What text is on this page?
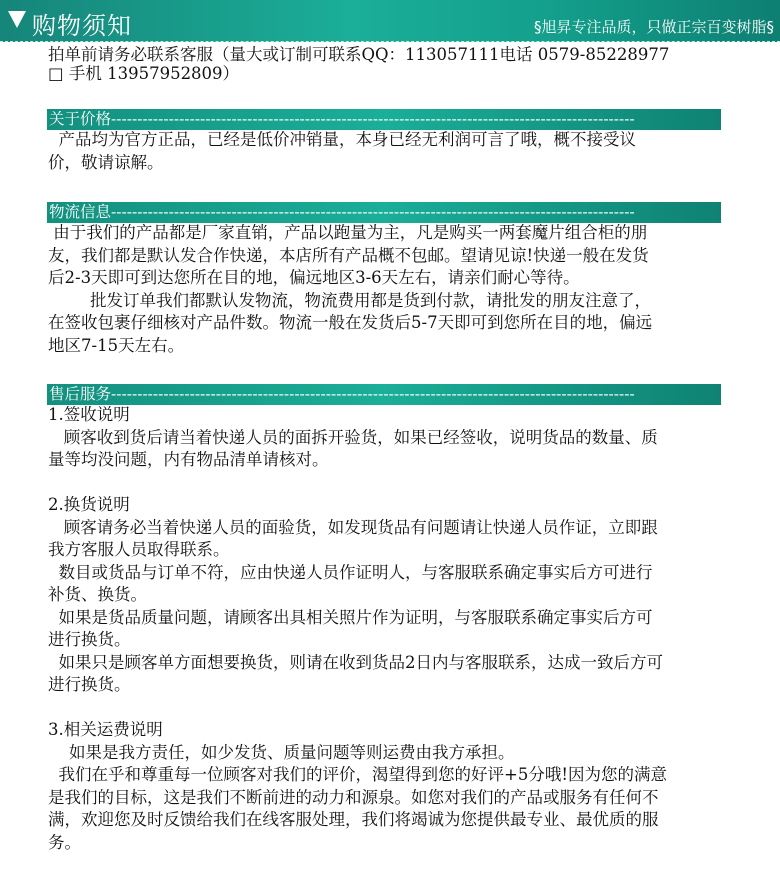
购物须知	§旭昇专注品质，只做正宗百变树脂§
拍单前请务必联系客服（量大或订制可联系QQ：113057111电话 0579-85228977
□ 手机 13957952809）
关于价格----------------------------------------------------------------------------------------------------
产品均为官方正品，已经是低价冲销量，本身已经无利润可言了哦，概不接受议
价，敬请谅解。
物流信息----------------------------------------------------------------------------------------------------
由于我们的产品都是厂家直销，产品以跑量为主，凡是购买一两套魔片组合柜的朋
友，我们都是默认发合作快递，本店所有产品概不包邮。望请见谅!快递一般在发货
后2-3天即可到达您所在目的地，偏远地区3-6天左右，请亲们耐心等待。
批发订单我们都默认发物流，物流费用都是货到付款，请批发的朋友注意了，
在签收包裹仔细核对产品件数。物流一般在发货后5-7天即可到您所在目的地，偏远
地区7-15天左右。
售后服务----------------------------------------------------------------------------------------------------
1.签收说明
顾客收到货后请当着快递人员的面拆开验货，如果已经签收，说明货品的数量、质
量等均没问题，内有物品清单请核对。
2.换货说明
顾客请务必当着快递人员的面验货，如发现货品有问题请让快递人员作证，立即跟
我方客服人员取得联系。
数目或货品与订单不符，应由快递人员作证明人，与客服联系确定事实后方可进行
补货、换货。
如果是货品质量问题，请顾客出具相关照片作为证明，与客服联系确定事实后方可
进行换货。
如果只是顾客单方面想要换货，则请在收到货品2日内与客服联系，达成一致后方可
进行换货。
3.相关运费说明
如果是我方责任，如少发货、质量问题等则运费由我方承担。
我们在乎和尊重每一位顾客对我们的评价，渴望得到您的好评+5分哦!因为您的满意
是我们的目标，这是我们不断前进的动力和源泉。如您对我们的产品或服务有任何不
满，欢迎您及时反馈给我们在线客服处理，我们将竭诚为您提供最专业、最优质的服
务。
